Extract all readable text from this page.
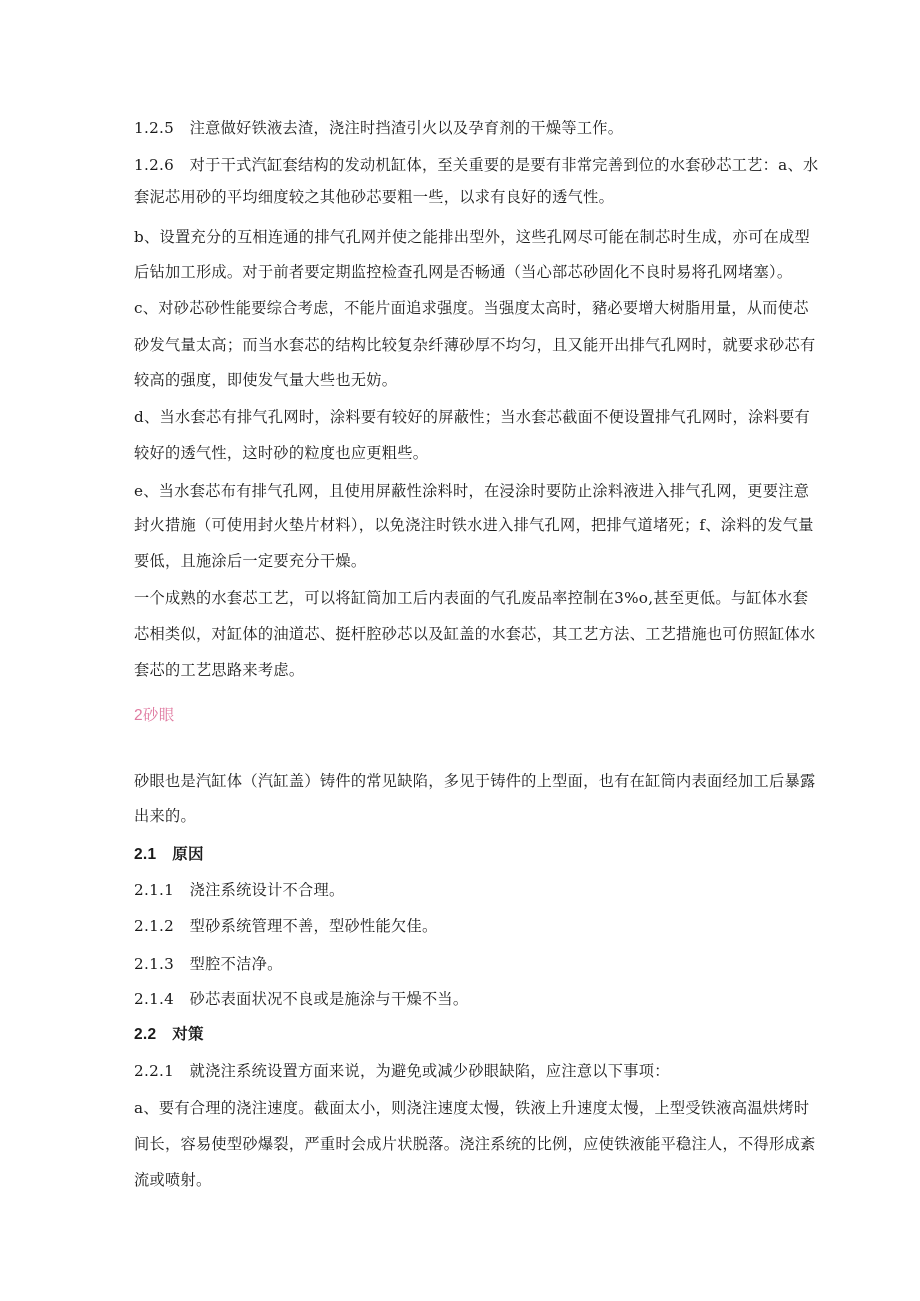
1.2.5　注意做好铁液去渣，浇注时挡渣引火以及孕育剂的干燥等工作。
1.2.6　对于干式汽缸套结构的发动机缸体，至关重要的是要有非常完善到位的水套砂芯工艺：a、水
套泥芯用砂的平均细度较之其他砂芯要粗一些，以求有良好的透气性。
b、设置充分的互相连通的排气孔网并使之能排出型外，这些孔网尽可能在制芯时生成，亦可在成型
后钻加工形成。对于前者要定期监控检查孔网是否畅通（当心部芯砂固化不良时易将孔网堵塞）。
c、对砂芯砂性能要综合考虑，不能片面追求强度。当强度太高时，豬必要增大树脂用量，从而使芯
砂发气量太高；而当水套芯的结构比较复杂纤薄砂厚不均匀，且又能开出排气孔网时，就要求砂芯有
较高的强度，即使发气量大些也无妨。
d、当水套芯有排气孔网时，涂料要有较好的屏蔽性；当水套芯截面不便设置排气孔网时，涂料要有
较好的透气性，这时砂的粒度也应更粗些。
e、当水套芯布有排气孔网，且使用屏蔽性涂料时，在浸涂时要防止涂料液进入排气孔网，更要注意
封火措施（可使用封火垫片材料），以免浇注时铁水进入排气孔网，把排气道堵死；f、涂料的发气量
要低，且施涂后一定要充分干燥。
一个成熟的水套芯工艺，可以将缸筒加工后内表面的气孔废品率控制在3%o,甚至更低。与缸体水套
芯相类似，对缸体的油道芯、挺杆腔砂芯以及缸盖的水套芯，其工艺方法、工艺措施也可仿照缸体水
套芯的工艺思路来考虑。
2砂眼
砂眼也是汽缸体（汽缸盖）铸件的常见缺陷，多见于铸件的上型面，也有在缸筒内表面经加工后暴露
出来的。
2.1　原因
2.1.1　浇注系统设计不合理。
2.1.2　型砂系统管理不善，型砂性能欠佳。
2.1.3　型腔不洁净。
2.1.4　砂芯表面状况不良或是施涂与干燥不当。
2.2　对策
2.2.1　就浇注系统设置方面来说，为避免或减少砂眼缺陷，应注意以下事项：
a、要有合理的浇注速度。截面太小，则浇注速度太慢，铁液上升速度太慢，上型受铁液高温烘烤时
间长，容易使型砂爆裂，严重时会成片状脱落。浇注系统的比例，应使铁液能平稳注人，不得形成紊
流或喷射。
